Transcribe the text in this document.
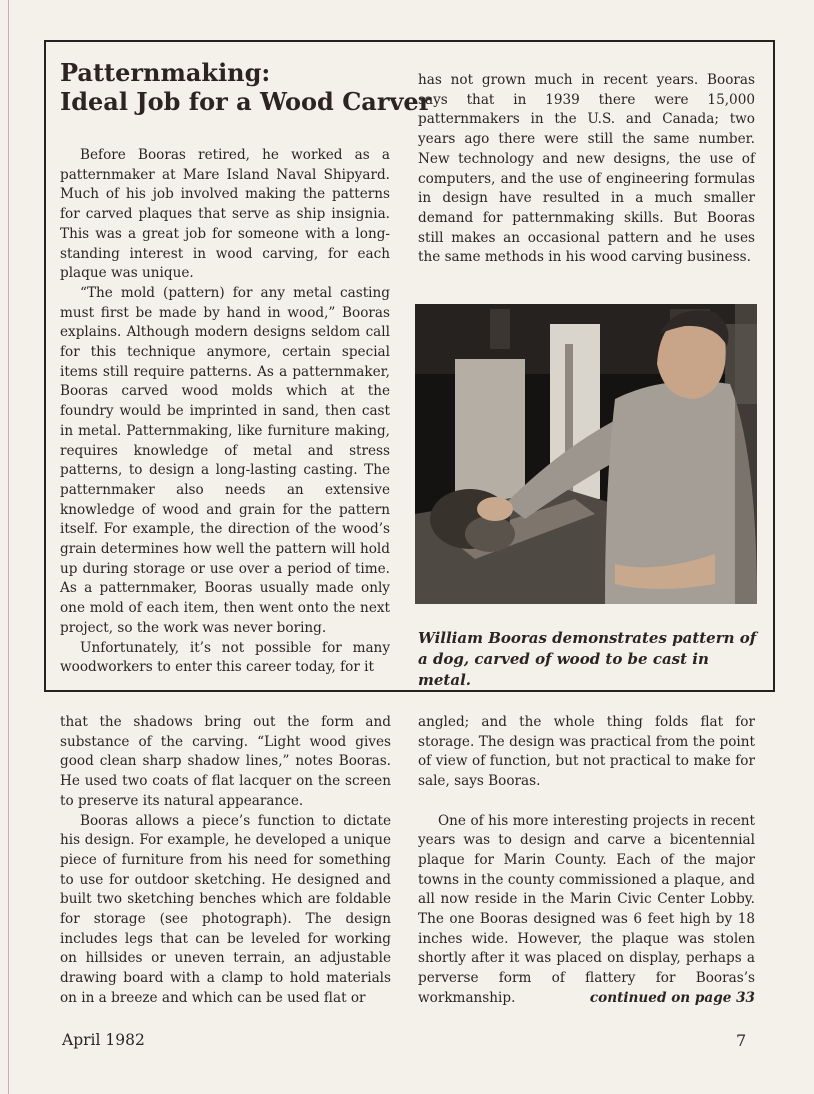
Patternmaking:
Ideal Job for a Wood Carver

Before Booras retired, he worked as a patternmaker at Mare Island Naval Shipyard. Much of his job involved making the patterns for carved plaques that serve as ship insignia. This was a great job for someone with a long-standing interest in wood carving, for each plaque was unique.

“The mold (pattern) for any metal casting must first be made by hand in wood,” Booras explains. Although modern designs seldom call for this technique anymore, certain special items still require patterns. As a patternmaker, Booras carved wood molds which at the foundry would be imprinted in sand, then cast in metal. Patternmaking, like furniture making, requires knowledge of metal and stress patterns, to design a long-lasting casting. The patternmaker also needs an extensive knowledge of wood and grain for the pattern itself. For example, the direction of the wood’s grain determines how well the pattern will hold up during storage or use over a period of time. As a patternmaker, Booras usually made only one mold of each item, then went onto the next project, so the work was never boring.

Unfortunately, it’s not possible for many woodworkers to enter this career today, for it

has not grown much in recent years. Booras says that in 1939 there were 15,000 patternmakers in the U.S. and Canada; two years ago there were still the same number. New technology and new designs, the use of computers, and the use of engineering formulas in design have resulted in a much smaller demand for patternmaking skills. But Booras still makes an occasional pattern and he uses the same methods in his wood carving business.

William Booras demonstrates pattern of a dog, carved of wood to be cast in metal.

that the shadows bring out the form and substance of the carving. “Light wood gives good clean sharp shadow lines,” notes Booras. He used two coats of flat lacquer on the screen to preserve its natural appearance.

Booras allows a piece’s function to dictate his design. For example, he developed a unique piece of furniture from his need for something to use for outdoor sketching. He designed and built two sketching benches which are foldable for storage (see photograph). The design includes legs that can be leveled for working on hillsides or uneven terrain, an adjustable drawing board with a clamp to hold materials on in a breeze and which can be used flat or

angled; and the whole thing folds flat for storage. The design was practical from the point of view of function, but not practical to make for sale, says Booras.

One of his more interesting projects in recent years was to design and carve a bicentennial plaque for Marin County. Each of the major towns in the county commissioned a plaque, and all now reside in the Marin Civic Center Lobby. The one Booras designed was 6 feet high by 18 inches wide. However, the plaque was stolen shortly after it was placed on display, perhaps a perverse form of flattery for Booras’s workmanship.	continued on page 33

April 1982	7
